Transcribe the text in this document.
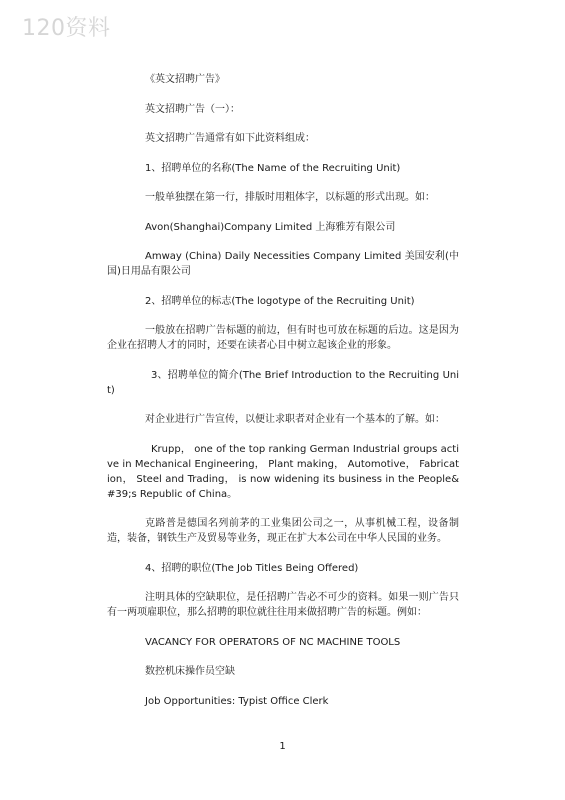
120资料

《英文招聘广告》

英文招聘广告（一）：

英文招聘广告通常有如下此资料组成：

1、招聘单位的名称(The Name of the Recruiting Unit)

一般单独摆在第一行，排版时用粗体字，以标题的形式出现。如：

Avon(Shanghai)Company Limited 上海雅芳有限公司

Amway (China) Daily Necessities Company Limited 美国安利(中国)日用品有限公司

2、招聘单位的标志(The logotype of the Recruiting Unit)

一般放在招聘广告标题的前边，但有时也可放在标题的后边。这是因为企业在招聘人才的同时，还要在读者心目中树立起该企业的形象。

3、招聘单位的简介(The Brief Introduction to the Recruiting Unit)

对企业进行广告宣传，以便让求职者对企业有一个基本的了解。如：

Krupp， one of the top ranking German Industrial groups active in Mechanical Engineering， Plant making， Automotive， Fabrication， Steel and Trading， is now widening its business in the People&#39;s Republic of China。

克路普是德国名列前茅的工业集团公司之一，从事机械工程，设备制造，装备，钢铁生产及贸易等业务，现正在扩大本公司在中华人民国的业务。

4、招聘的职位(The Job Titles Being Offered)

注明具体的空缺职位，是任招聘广告必不可少的资料。如果一则广告只有一两项雇职位，那么招聘的职位就往往用来做招聘广告的标题。例如：

VACANCY FOR OPERATORS OF NC MACHINE TOOLS

数控机床操作员空缺

Job Opportunities: Typist Office Clerk

1
